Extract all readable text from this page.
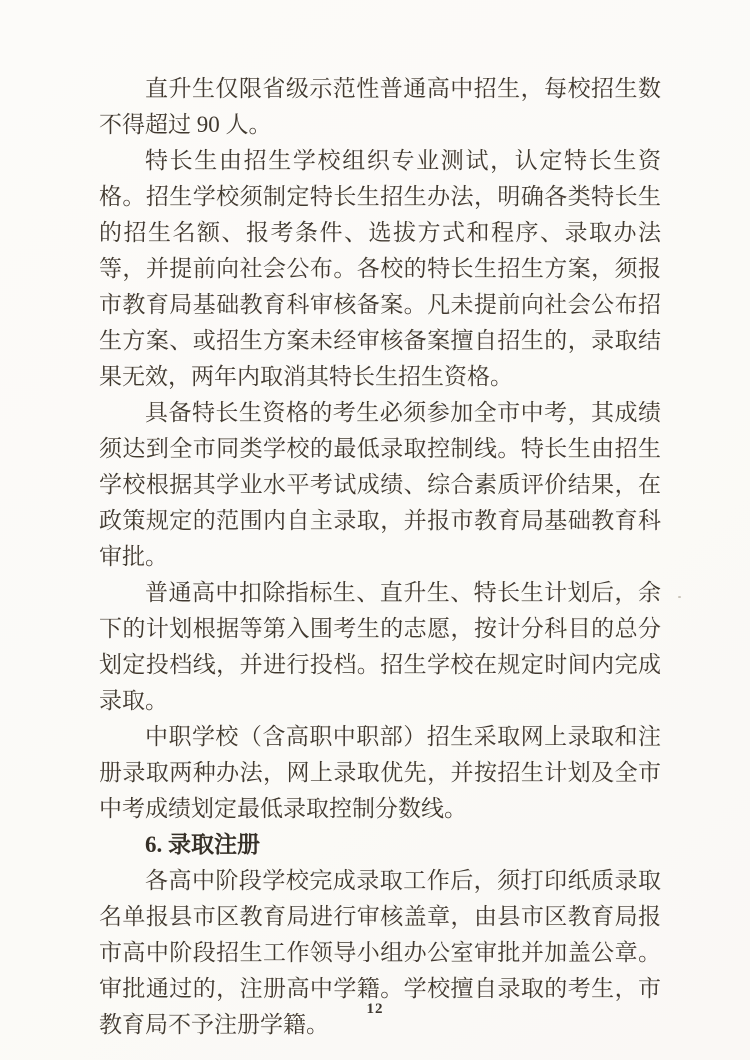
直升生仅限省级示范性普通高中招生，每校招生数不得超过 90 人。

特长生由招生学校组织专业测试，认定特长生资格。招生学校须制定特长生招生办法，明确各类特长生的招生名额、报考条件、选拔方式和程序、录取办法等，并提前向社会公布。各校的特长生招生方案，须报市教育局基础教育科审核备案。凡未提前向社会公布招生方案、或招生方案未经审核备案擅自招生的，录取结果无效，两年内取消其特长生招生资格。

具备特长生资格的考生必须参加全市中考，其成绩须达到全市同类学校的最低录取控制线。特长生由招生学校根据其学业水平考试成绩、综合素质评价结果，在政策规定的范围内自主录取，并报市教育局基础教育科审批。

普通高中扣除指标生、直升生、特长生计划后，余下的计划根据等第入围考生的志愿，按计分科目的总分划定投档线，并进行投档。招生学校在规定时间内完成录取。

中职学校（含高职中职部）招生采取网上录取和注册录取两种办法，网上录取优先，并按招生计划及全市中考成绩划定最低录取控制分数线。

6. 录取注册

各高中阶段学校完成录取工作后，须打印纸质录取名单报县市区教育局进行审核盖章，由县市区教育局报市高中阶段招生工作领导小组办公室审批并加盖公章。审批通过的，注册高中学籍。学校擅自录取的考生，市教育局不予注册学籍。

12
